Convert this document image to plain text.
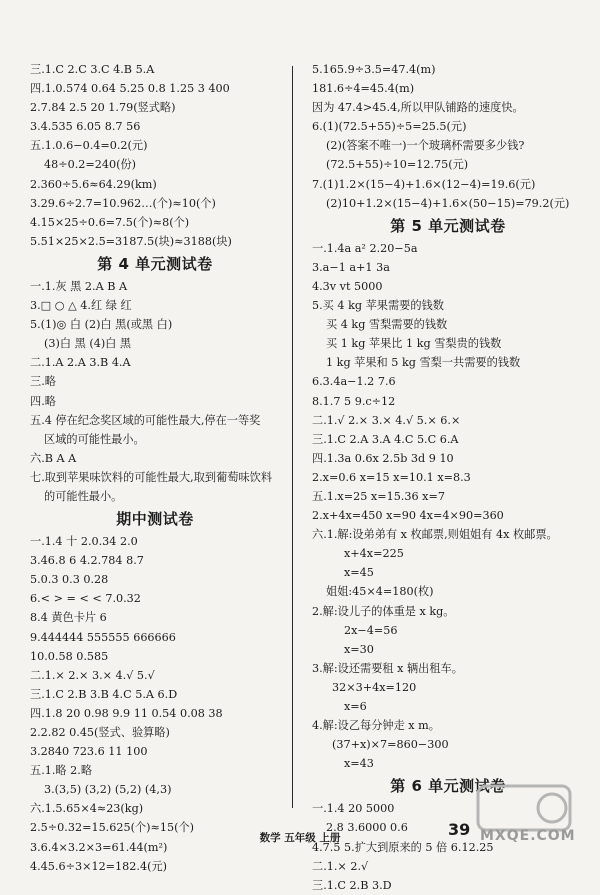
三.1.C 2.C 3.C 4.B 5.A
四.1.0.574 0.64 5.25 0.8 1.25 3 400
2.7.84 2.5 20 1.79(竖式略)
3.4.535 6.05 8.7 56
五.1.0.6−0.4=0.2(元)
48÷0.2=240(份)
2.360÷5.6≈64.29(km)
3.29.6÷2.7=10.962…(个)≈10(个)
4.15×25÷0.6=7.5(个)≈8(个)
5.51×25×2.5=3187.5(块)≈3188(块)
第 4 单元测试卷
一.1.灰 黑 2.A B A
3.□ ○ △ 4.红 绿 红
5.(1)◎ 白 (2)白 黑(或黑 白)
(3)白 黑 (4)白 黑
二.1.A 2.A 3.B 4.A
三.略
四.略
五.4 停在纪念奖区域的可能性最大,停在一等奖
区域的可能性最小。
六.B A A
七.取到苹果味饮料的可能性最大,取到葡萄味饮料
的可能性最小。
期中测试卷
一.1.4 十 2.0.34 2.0
3.46.8 6 4.2.784 8.7
5.0.3 0.3 0.28
6.< > = < < 7.0.32
8.4 黄色卡片 6
9.444444 555555 666666
10.0.58 0.585
二.1.× 2.× 3.× 4.√ 5.√
三.1.C 2.B 3.B 4.C 5.A 6.D
四.1.8 20 0.98 9.9 11 0.54 0.08 38
2.2.82 0.45(竖式、验算略)
3.2840 723.6 11 100
五.1.略 2.略
3.(3,5) (3,2) (5,2) (4,3)
六.1.5.65×4≈23(kg)
2.5÷0.32=15.625(个)≈15(个)
3.6.4×3.2×3=61.44(m²)
4.45.6÷3×12=182.4(元)
5.165.9÷3.5=47.4(m)
181.6÷4=45.4(m)
因为 47.4>45.4,所以甲队铺路的速度快。
6.(1)(72.5+55)÷5=25.5(元)
(2)(答案不唯一)一个玻璃杯需要多少钱?
(72.5+55)÷10=12.75(元)
7.(1)1.2×(15−4)+1.6×(12−4)=19.6(元)
(2)10+1.2×(15−4)+1.6×(50−15)=79.2(元)
第 5 单元测试卷
一.1.4a a² 2.20−5a
3.a−1 a+1 3a
4.3v vt 5000
5.买 4 kg 苹果需要的钱数
买 4 kg 雪梨需要的钱数
买 1 kg 苹果比 1 kg 雪梨贵的钱数
1 kg 苹果和 5 kg 雪梨一共需要的钱数
6.3.4a−1.2 7.6
8.1.7 5 9.c÷12
二.1.√ 2.× 3.× 4.√ 5.× 6.×
三.1.C 2.A 3.A 4.C 5.C 6.A
四.1.3a 0.6x 2.5b 3d 9 10
2.x=0.6 x=15 x=10.1 x=8.3
五.1.x=25 x=15.36 x=7
2.x+4x=450 x=90 4x=4×90=360
六.1.解:设弟弟有 x 枚邮票,则姐姐有 4x 枚邮票。
x+4x=225
x=45
姐姐:45×4=180(枚)
2.解:设儿子的体重是 x kg。
2x−4=56
x=30
3.解:设还需要租 x 辆出租车。
32×3+4x=120
x=6
4.解:设乙每分钟走 x m。
(37+x)×7=860−300
x=43
第 6 单元测试卷
一.1.4 20 5000
2.8 3.6000 0.6
4.7.5 5.扩大到原来的 5 倍 6.12.25
二.1.× 2.√
三.1.C 2.B 3.D
数学 五年级 上册	39 MXQE.COM
